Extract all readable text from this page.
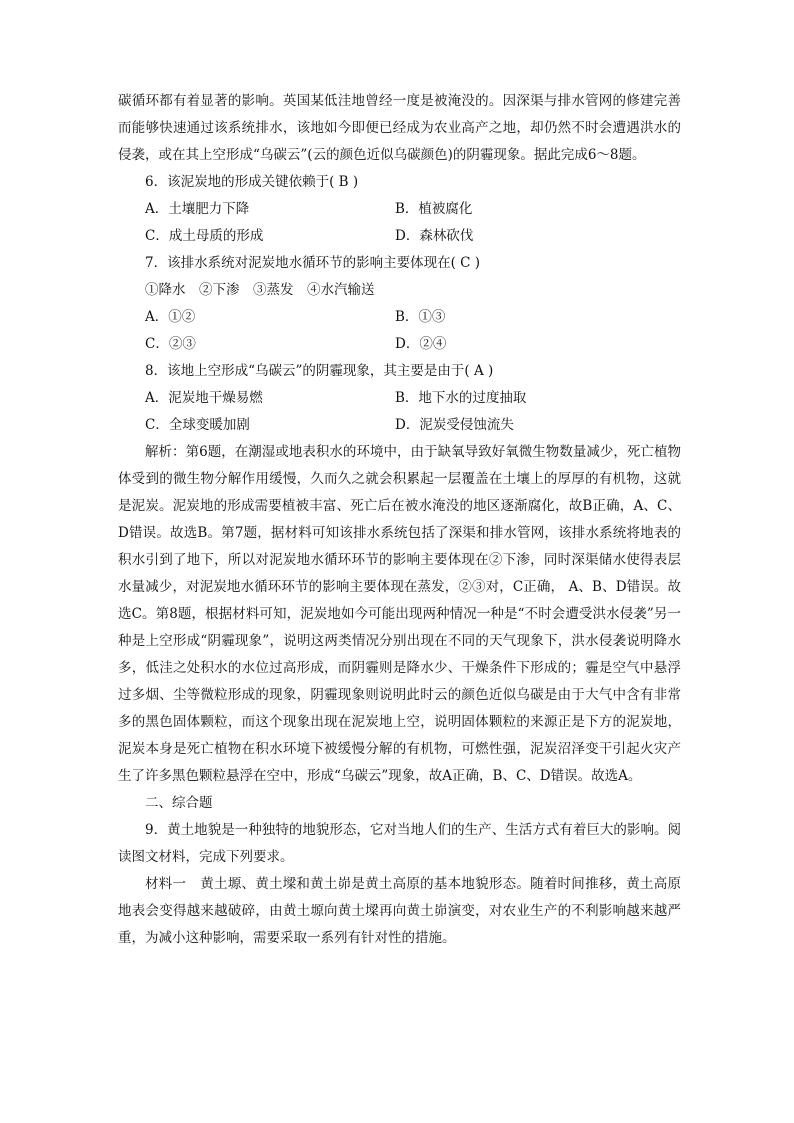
碳循环都有着显著的影响。英国某低洼地曾经一度是被淹没的。因深渠与排水管网的修建完善而能够快速通过该系统排水，该地如今即便已经成为农业高产之地，却仍然不时会遭遇洪水的侵袭，或在其上空形成“乌碳云”(云的颜色近似乌碳颜色)的阴霾现象。据此完成6～8题。

6．该泥炭地的形成关键依赖于( B )

A．土壤肥力下降	B．植被腐化
C．成土母质的形成	D．森林砍伐

7．该排水系统对泥炭地水循环节的影响主要体现在( C )

①降水　②下渗　③蒸发　④水汽输送

A．①②	B．①③
C．②③	D．②④

8．该地上空形成“乌碳云”的阴霾现象，其主要是由于( A )

A．泥炭地干燥易燃	B．地下水的过度抽取
C．全球变暖加剧	D．泥炭受侵蚀流失

解析：第6题，在潮湿或地表积水的环境中，由于缺氧导致好氧微生物数量减少，死亡植物体受到的微生物分解作用缓慢，久而久之就会积累起一层覆盖在土壤上的厚厚的有机物，这就是泥炭。泥炭地的形成需要植被丰富、死亡后在被水淹没的地区逐渐腐化，故B正确，A、C、D错误。故选B。第7题，据材料可知该排水系统包括了深渠和排水管网，该排水系统将地表的积水引到了地下，所以对泥炭地水循环环节的影响主要体现在②下渗，同时深渠储水使得表层水量减少，对泥炭地水循环环节的影响主要体现在蒸发，②③对，C正确， A、B、D错误。故选C。第8题，根据材料可知，泥炭地如今可能出现两种情况一种是“不时会遭受洪水侵袭”另一种是上空形成“阴霾现象”，说明这两类情况分别出现在不同的天气现象下，洪水侵袭说明降水多，低洼之处积水的水位过高形成，而阴霾则是降水少、干燥条件下形成的；霾是空气中悬浮过多烟、尘等微粒形成的现象，阴霾现象则说明此时云的颜色近似乌碳是由于大气中含有非常多的黑色固体颗粒，而这个现象出现在泥炭地上空，说明固体颗粒的来源正是下方的泥炭地，泥炭本身是死亡植物在积水环境下被缓慢分解的有机物，可燃性强，泥炭沼泽变干引起火灾产生了许多黑色颗粒悬浮在空中，形成“乌碳云”现象，故A正确，B、C、D错误。故选A。

二、综合题

9．黄土地貌是一种独特的地貌形态，它对当地人们的生产、生活方式有着巨大的影响。阅读图文材料，完成下列要求。

材料一 黄土塬、黄土墚和黄土峁是黄土高原的基本地貌形态。随着时间推移，黄土高原地表会变得越来越破碎，由黄土塬向黄土墚再向黄土峁演变，对农业生产的不利影响越来越严重，为减小这种影响，需要采取一系列有针对性的措施。
